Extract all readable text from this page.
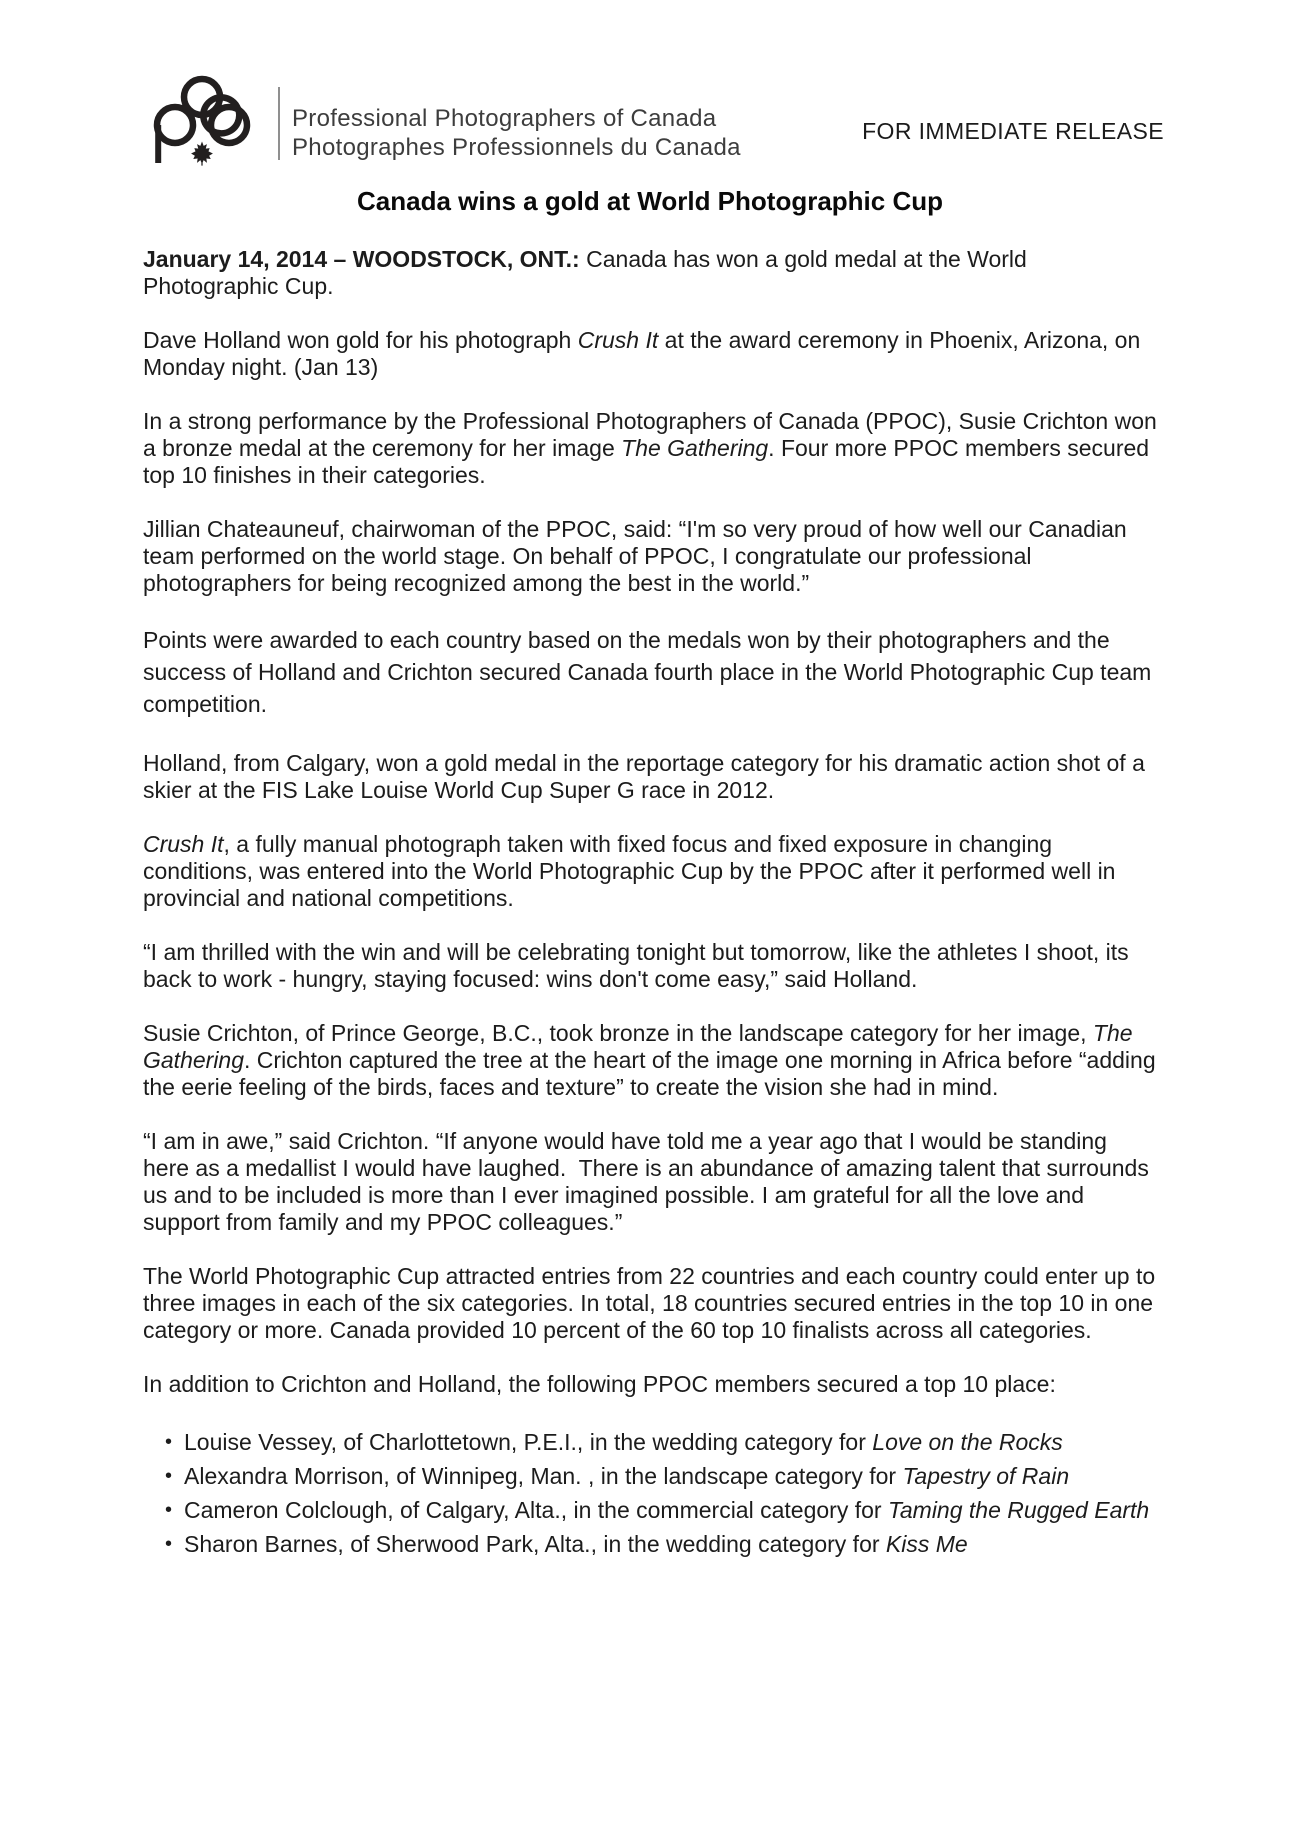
Professional Photographers of Canada
Photographes Professionnels du Canada
FOR IMMEDIATE RELEASE
Canada wins a gold at World Photographic Cup

January 14, 2014 – WOODSTOCK, ONT.: Canada has won a gold medal at the World Photographic Cup.

Dave Holland won gold for his photograph Crush It at the award ceremony in Phoenix, Arizona, on Monday night. (Jan 13)

In a strong performance by the Professional Photographers of Canada (PPOC), Susie Crichton won a bronze medal at the ceremony for her image The Gathering. Four more PPOC members secured top 10 finishes in their categories.

Jillian Chateauneuf, chairwoman of the PPOC, said: “I'm so very proud of how well our Canadian team performed on the world stage. On behalf of PPOC, I congratulate our professional photographers for being recognized among the best in the world.”

Points were awarded to each country based on the medals won by their photographers and the success of Holland and Crichton secured Canada fourth place in the World Photographic Cup team competition.

Holland, from Calgary, won a gold medal in the reportage category for his dramatic action shot of a skier at the FIS Lake Louise World Cup Super G race in 2012.

Crush It, a fully manual photograph taken with fixed focus and fixed exposure in changing conditions, was entered into the World Photographic Cup by the PPOC after it performed well in provincial and national competitions.

“I am thrilled with the win and will be celebrating tonight but tomorrow, like the athletes I shoot, its back to work - hungry, staying focused: wins don't come easy,” said Holland.

Susie Crichton, of Prince George, B.C., took bronze in the landscape category for her image, The Gathering. Crichton captured the tree at the heart of the image one morning in Africa before “adding the eerie feeling of the birds, faces and texture” to create the vision she had in mind.

“I am in awe,” said Crichton. “If anyone would have told me a year ago that I would be standing here as a medallist I would have laughed.  There is an abundance of amazing talent that surrounds us and to be included is more than I ever imagined possible. I am grateful for all the love and support from family and my PPOC colleagues.”

The World Photographic Cup attracted entries from 22 countries and each country could enter up to three images in each of the six categories. In total, 18 countries secured entries in the top 10 in one category or more. Canada provided 10 percent of the 60 top 10 finalists across all categories.

In addition to Crichton and Holland, the following PPOC members secured a top 10 place:

• Louise Vessey, of Charlottetown, P.E.I., in the wedding category for Love on the Rocks
• Alexandra Morrison, of Winnipeg, Man. , in the landscape category for Tapestry of Rain
• Cameron Colclough, of Calgary, Alta., in the commercial category for Taming the Rugged Earth
• Sharon Barnes, of Sherwood Park, Alta., in the wedding category for Kiss Me
